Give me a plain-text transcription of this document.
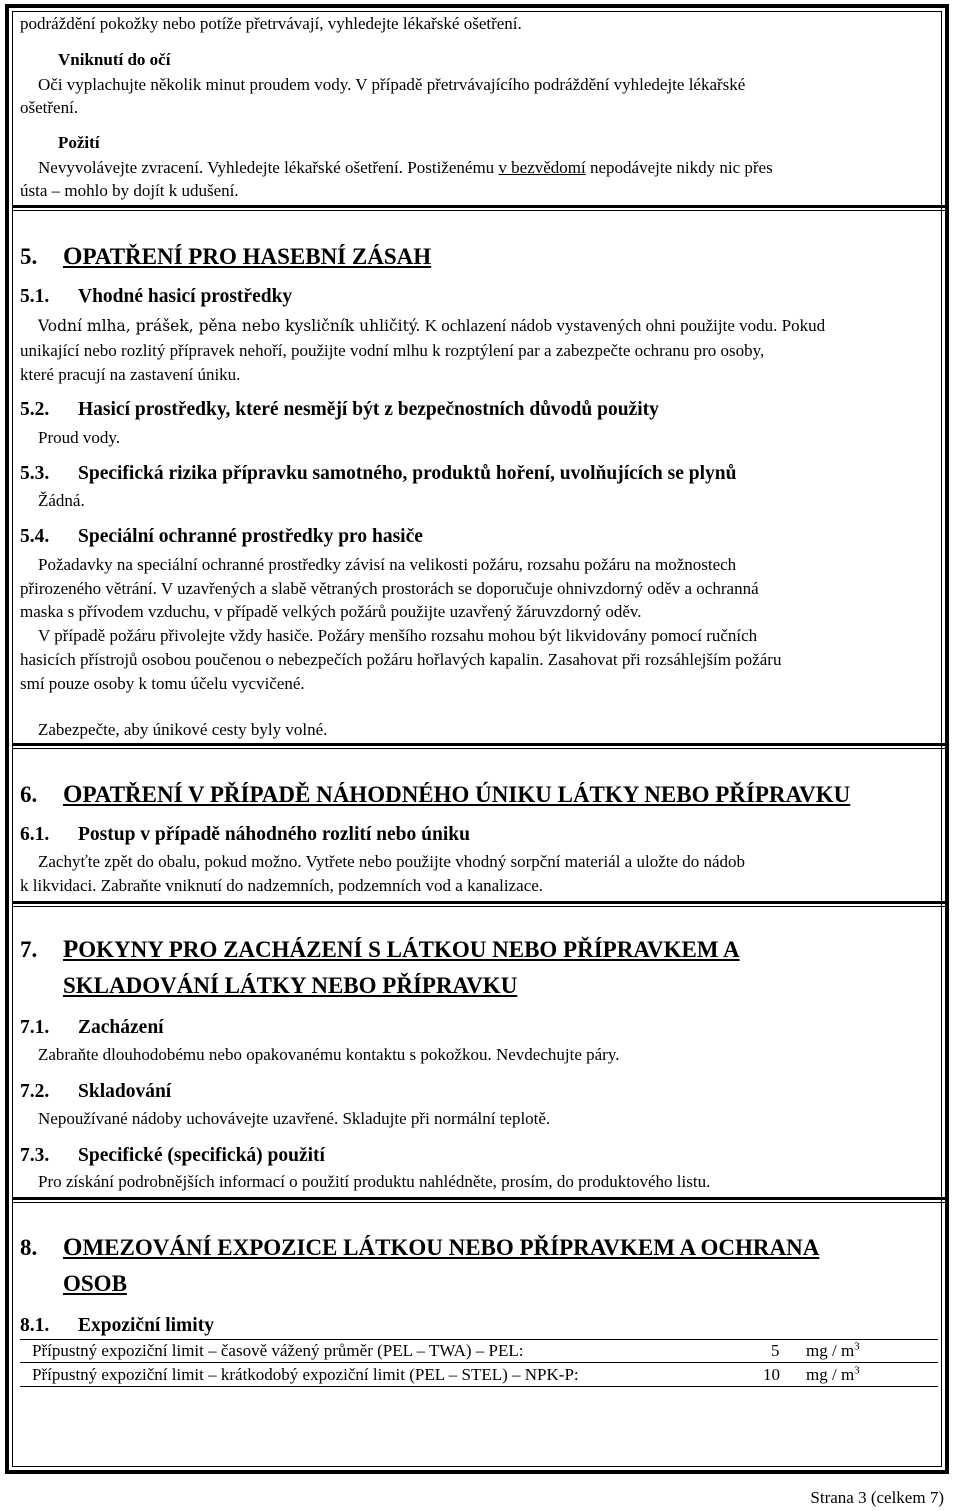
podráždění pokožky nebo potíže přetrvávají, vyhledejte lékařské ošetření.
Vniknutí do očí
Oči vyplachujte několik minut proudem vody. V případě přetrvávajícího podráždění vyhledejte lékařské
ošetření.
Požití
Nevyvolávejte zvracení. Vyhledejte lékařské ošetření. Postiženému v bezvědomí nepodávejte nikdy nic přes
ústa – mohlo by dojít k udušení.
5. OPATŘENÍ PRO HASEBNÍ ZÁSAH
5.1. Vhodné hasicí prostředky
Vodní mlha, prášek, pěna nebo kysličník uhličitý. K ochlazení nádob vystavených ohni použijte vodu. Pokud
unikající nebo rozlitý přípravek nehoří, použijte vodní mlhu k rozptýlení par a zabezpečte ochranu pro osoby,
které pracují na zastavení úniku.
5.2. Hasicí prostředky, které nesmějí být z bezpečnostních důvodů použity
Proud vody.
5.3. Specifická rizika přípravku samotného, produktů hoření, uvolňujících se plynů
Žádná.
5.4. Speciální ochranné prostředky pro hasiče
Požadavky na speciální ochranné prostředky závisí na velikosti požáru, rozsahu požáru na možnostech
přirozeného větrání. V uzavřených a slabě větraných prostorách se doporučuje ohnivzdorný oděv a ochranná
maska s přívodem vzduchu, v případě velkých požárů použijte uzavřený žáruvzdorný oděv.
V případě požáru přivolejte vždy hasiče. Požáry menšího rozsahu mohou být likvidovány pomocí ručních
hasicích přístrojů osobou poučenou o nebezpečích požáru hořlavých kapalin. Zasahovat při rozsáhlejším požáru
smí pouze osoby k tomu účelu vycvičené.
Zabezpečte, aby únikové cesty byly volné.
6. OPATŘENÍ V PŘÍPADĚ NÁHODNÉHO ÚNIKU LÁTKY NEBO PŘÍPRAVKU
6.1. Postup v případě náhodného rozlití nebo úniku
Zachyťte zpět do obalu, pokud možno. Vytřete nebo použijte vhodný sorpční materiál a uložte do nádob
k likvidaci. Zabraňte vniknutí do nadzemních, podzemních vod a kanalizace.
7. POKYNY PRO ZACHÁZENÍ S LÁTKOU NEBO PŘÍPRAVKEM A
SKLADOVÁNÍ LÁTKY NEBO PŘÍPRAVKU
7.1. Zacházení
Zabraňte dlouhodobému nebo opakovanému kontaktu s pokožkou. Nevdechujte páry.
7.2. Skladování
Nepoužívané nádoby uchovávejte uzavřené. Skladujte při normální teplotě.
7.3. Specifické (specifická) použití
Pro získání podrobnějších informací o použití produktu nahlédněte, prosím, do produktového listu.
8. OMEZOVÁNÍ EXPOZICE LÁTKOU NEBO PŘÍPRAVKEM A OCHRANA
OSOB
8.1. Expoziční limity
Přípustný expoziční limit – časově vážený průměr (PEL – TWA) – PEL:	5 mg / $m^3$
Přípustný expoziční limit – krátkodobý expoziční limit (PEL – STEL) – NPK-P:	10 mg / $m^3$
Strana 3 (celkem 7)
